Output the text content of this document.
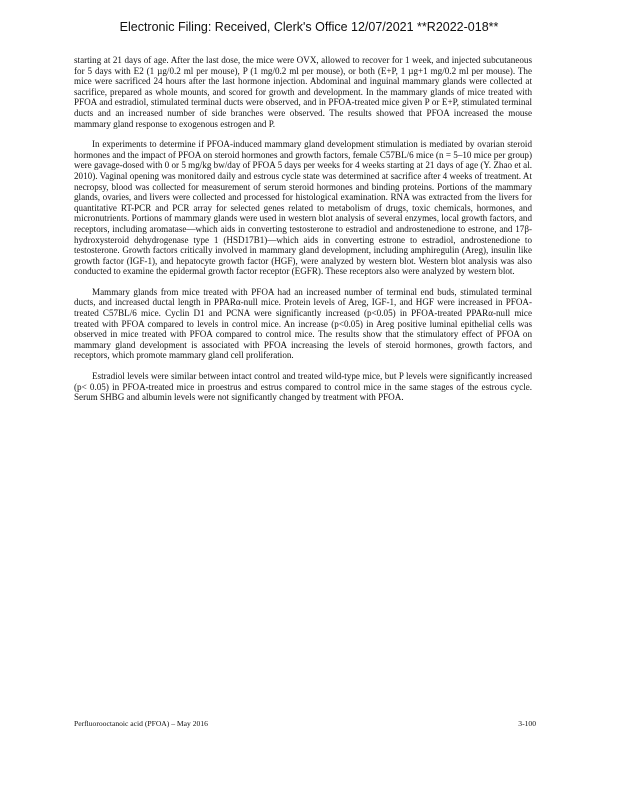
Electronic Filing: Received, Clerk's Office 12/07/2021 **R2022-018**

starting at 21 days of age. After the last dose, the mice were OVX, allowed to recover for 1 week, and injected subcutaneous for 5 days with E2 (1 µg/0.2 ml per mouse), P (1 mg/0.2 ml per mouse), or both (E+P, 1 µg+1 mg/0.2 ml per mouse). The mice were sacrificed 24 hours after the last hormone injection. Abdominal and inguinal mammary glands were collected at sacrifice, prepared as whole mounts, and scored for growth and development. In the mammary glands of mice treated with PFOA and estradiol, stimulated terminal ducts were observed, and in PFOA-treated mice given P or E+P, stimulated terminal ducts and an increased number of side branches were observed. The results showed that PFOA increased the mouse mammary gland response to exogenous estrogen and P.

In experiments to determine if PFOA-induced mammary gland development stimulation is mediated by ovarian steroid hormones and the impact of PFOA on steroid hormones and growth factors, female C57BL/6 mice (n = 5–10 mice per group) were gavage-dosed with 0 or 5 mg/kg bw/day of PFOA 5 days per weeks for 4 weeks starting at 21 days of age (Y. Zhao et al. 2010). Vaginal opening was monitored daily and estrous cycle state was determined at sacrifice after 4 weeks of treatment. At necropsy, blood was collected for measurement of serum steroid hormones and binding proteins. Portions of the mammary glands, ovaries, and livers were collected and processed for histological examination. RNA was extracted from the livers for quantitative RT-PCR and PCR array for selected genes related to metabolism of drugs, toxic chemicals, hormones, and micronutrients. Portions of mammary glands were used in western blot analysis of several enzymes, local growth factors, and receptors, including aromatase—which aids in converting testosterone to estradiol and androstenedione to estrone, and 17β-hydroxysteroid dehydrogenase type 1 (HSD17B1)—which aids in converting estrone to estradiol, androstenedione to testosterone. Growth factors critically involved in mammary gland development, including amphiregulin (Areg), insulin like growth factor (IGF-1), and hepatocyte growth factor (HGF), were analyzed by western blot. Western blot analysis was also conducted to examine the epidermal growth factor receptor (EGFR). These receptors also were analyzed by western blot.

Mammary glands from mice treated with PFOA had an increased number of terminal end buds, stimulated terminal ducts, and increased ductal length in PPARα-null mice. Protein levels of Areg, IGF-1, and HGF were increased in PFOA-treated C57BL/6 mice. Cyclin D1 and PCNA were significantly increased (p<0.05) in PFOA-treated PPARα-null mice treated with PFOA compared to levels in control mice. An increase (p<0.05) in Areg positive luminal epithelial cells was observed in mice treated with PFOA compared to control mice. The results show that the stimulatory effect of PFOA on mammary gland development is associated with PFOA increasing the levels of steroid hormones, growth factors, and receptors, which promote mammary gland cell proliferation.

Estradiol levels were similar between intact control and treated wild-type mice, but P levels were significantly increased (p< 0.05) in PFOA-treated mice in proestrus and estrus compared to control mice in the same stages of the estrous cycle. Serum SHBG and albumin levels were not significantly changed by treatment with PFOA.

Perfluorooctanoic acid (PFOA) – May 2016	3-100
